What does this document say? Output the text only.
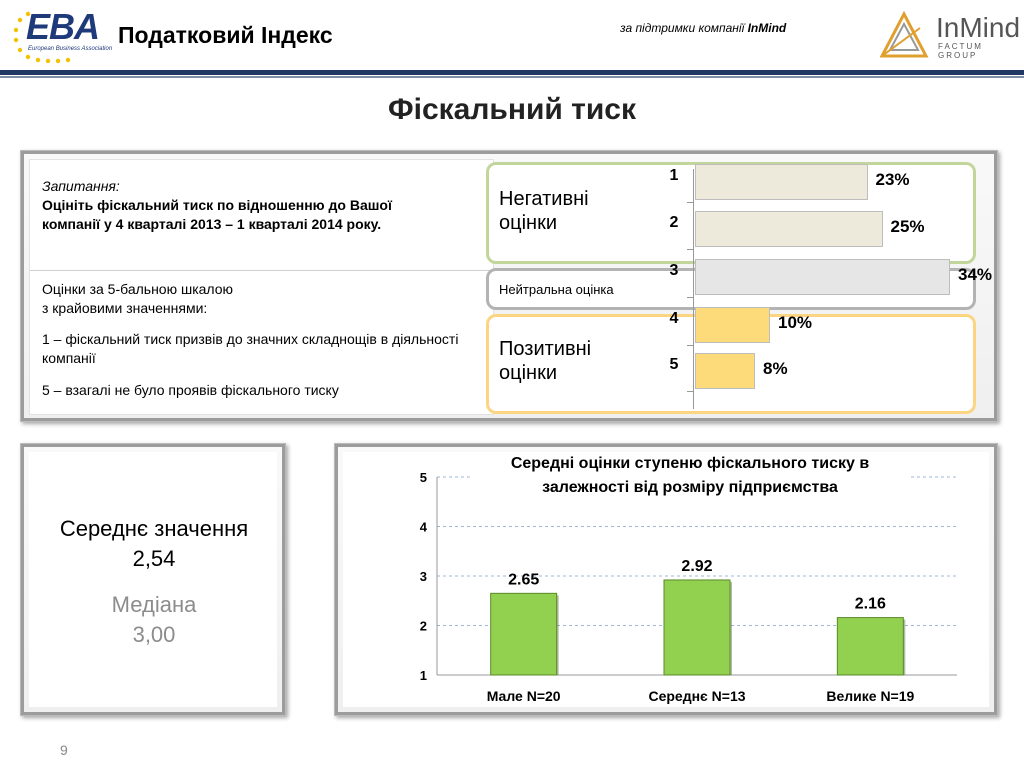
EBA
European Business Association
Податковий Індекс	за підтримки компанії InMind	InMind
FACTUM GROUP
Фіскальний тиск
Запитання:
Оцініть фіскальний тиск по відношенню до Вашої компанії у 4 кварталі 2013 – 1 кварталі 2014 року.
Оцінки за 5-бальною шкалою
з крайовими значеннями:
1 – фіскальний тиск призвів до значних складнощів в діяльності компанії
5 – взагалі не було проявів фіскального тиску
Негативні оцінки
Нейтральна оцінка
Позитивні оцінки
1	23%
2	25%
3	34%
4	10%
5	8%
Середнє значення
2,54
Медіана
3,00
1
2
3
4
5
2.65
Мале N=20
2.92
Середнє N=13
2.16
Велике N=19
Середні оцінки ступеню фіскального тиску в залежності від розміру підприємства
9
